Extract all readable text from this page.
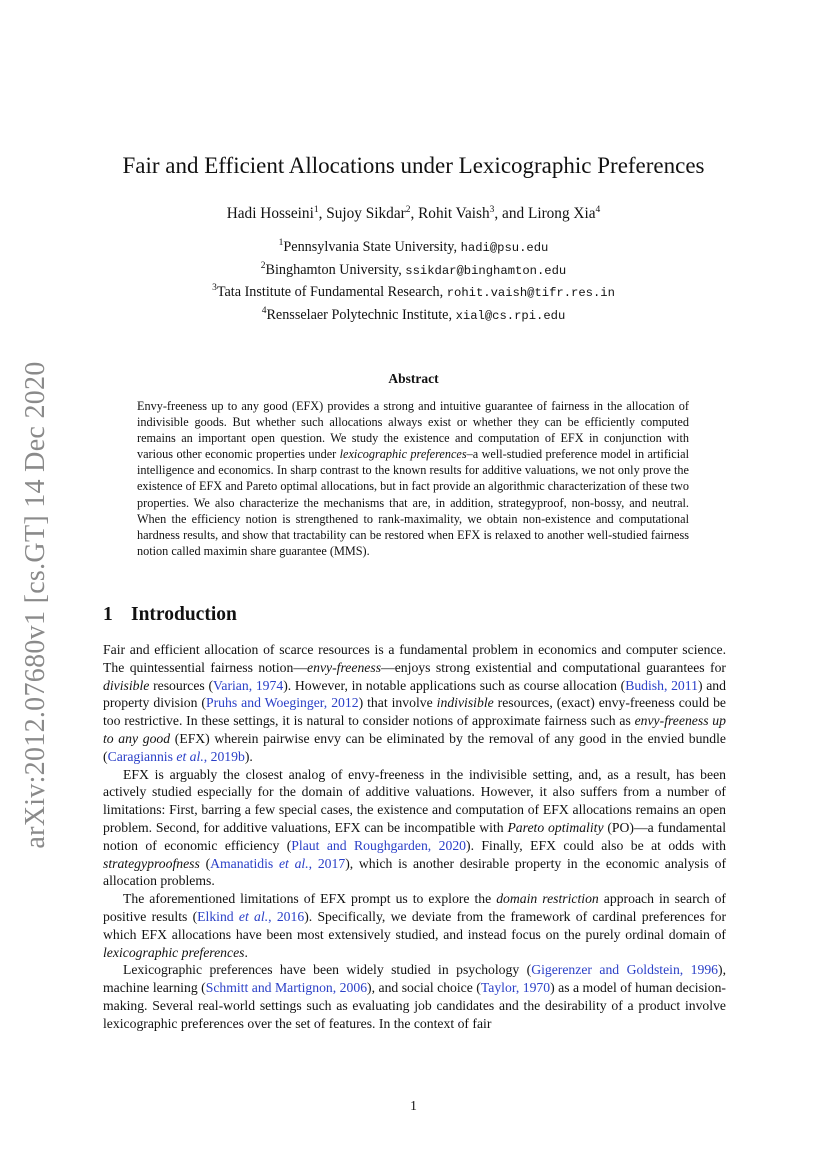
arXiv:2012.07680v1 [cs.GT] 14 Dec 2020
Fair and Efficient Allocations under Lexicographic Preferences
Hadi Hosseini$^1$, Sujoy Sikdar$^2$, Rohit Vaish$^3$, and Lirong Xia$^4$
$^1$Pennsylvania State University, hadi@psu.edu
$^2$Binghamton University, ssikdar@binghamton.edu
$^3$Tata Institute of Fundamental Research, rohit.vaish@tifr.res.in
$^4$Rensselaer Polytechnic Institute, xial@cs.rpi.edu
Abstract
Envy-freeness up to any good (EFX) provides a strong and intuitive guarantee of fairness in the allocation of indivisible goods. But whether such allocations always exist or whether they can be efficiently computed remains an important open question. We study the existence and computation of EFX in conjunction with various other economic properties under lexicographic preferences–a well-studied preference model in artificial intelligence and economics. In sharp contrast to the known results for additive valuations, we not only prove the existence of EFX and Pareto optimal allocations, but in fact provide an algorithmic characterization of these two properties. We also characterize the mechanisms that are, in addition, strategyproof, non-bossy, and neutral. When the efficiency notion is strengthened to rank-maximality, we obtain non-existence and computational hardness results, and show that tractability can be restored when EFX is relaxed to another well-studied fairness notion called maximin share guarantee (MMS).
1 Introduction

Fair and efficient allocation of scarce resources is a fundamental problem in economics and computer science. The quintessential fairness notion—envy-freeness—enjoys strong existential and computational guarantees for divisible resources (Varian, 1974). However, in notable applications such as course allocation (Budish, 2011) and property division (Pruhs and Woeginger, 2012) that involve indivisible resources, (exact) envy-freeness could be too restrictive. In these settings, it is natural to consider notions of approximate fairness such as envy-freeness up to any good (EFX) wherein pairwise envy can be eliminated by the removal of any good in the envied bundle (Caragiannis et al., 2019b).

EFX is arguably the closest analog of envy-freeness in the indivisible setting, and, as a result, has been actively studied especially for the domain of additive valuations. However, it also suffers from a number of limitations: First, barring a few special cases, the existence and computation of EFX allocations remains an open problem. Second, for additive valuations, EFX can be incompatible with Pareto optimality (PO)—a fundamental notion of economic efficiency (Plaut and Roughgarden, 2020). Finally, EFX could also be at odds with strategyproofness (Amanatidis et al., 2017), which is another desirable property in the economic analysis of allocation problems.

The aforementioned limitations of EFX prompt us to explore the domain restriction approach in search of positive results (Elkind et al., 2016). Specifically, we deviate from the framework of cardinal preferences for which EFX allocations have been most extensively studied, and instead focus on the purely ordinal domain of lexicographic preferences.

Lexicographic preferences have been widely studied in psychology (Gigerenzer and Goldstein, 1996), machine learning (Schmitt and Martignon, 2006), and social choice (Taylor, 1970) as a model of human decision-making. Several real-world settings such as evaluating job candidates and the desirability of a product involve lexicographic preferences over the set of features. In the context of fair

1
